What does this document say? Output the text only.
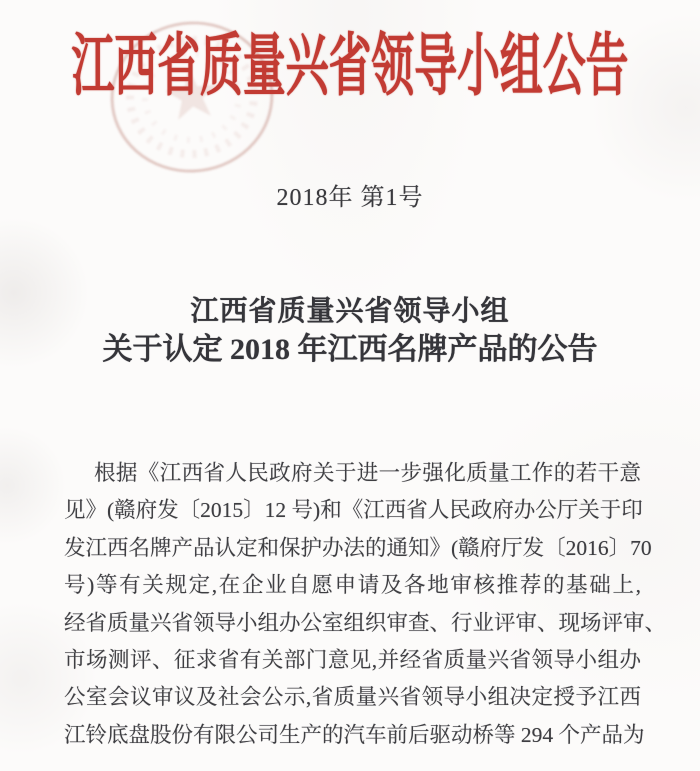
江西省质量兴省领导小组公告
2018年 第1号
江西省质量兴省领导小组
关于认定 2018 年江西名牌产品的公告
根据《江西省人民政府关于进一步强化质量工作的若干意
见》(赣府发〔2015〕12 号)和《江西省人民政府办公厅关于印
发江西名牌产品认定和保护办法的通知》(赣府厅发〔2016〕70
号)等有关规定,在企业自愿申请及各地审核推荐的基础上,
经省质量兴省领导小组办公室组织审查、行业评审、现场评审、
市场测评、征求省有关部门意见,并经省质量兴省领导小组办
公室会议审议及社会公示,省质量兴省领导小组决定授予江西
江铃底盘股份有限公司生产的汽车前后驱动桥等 294 个产品为
